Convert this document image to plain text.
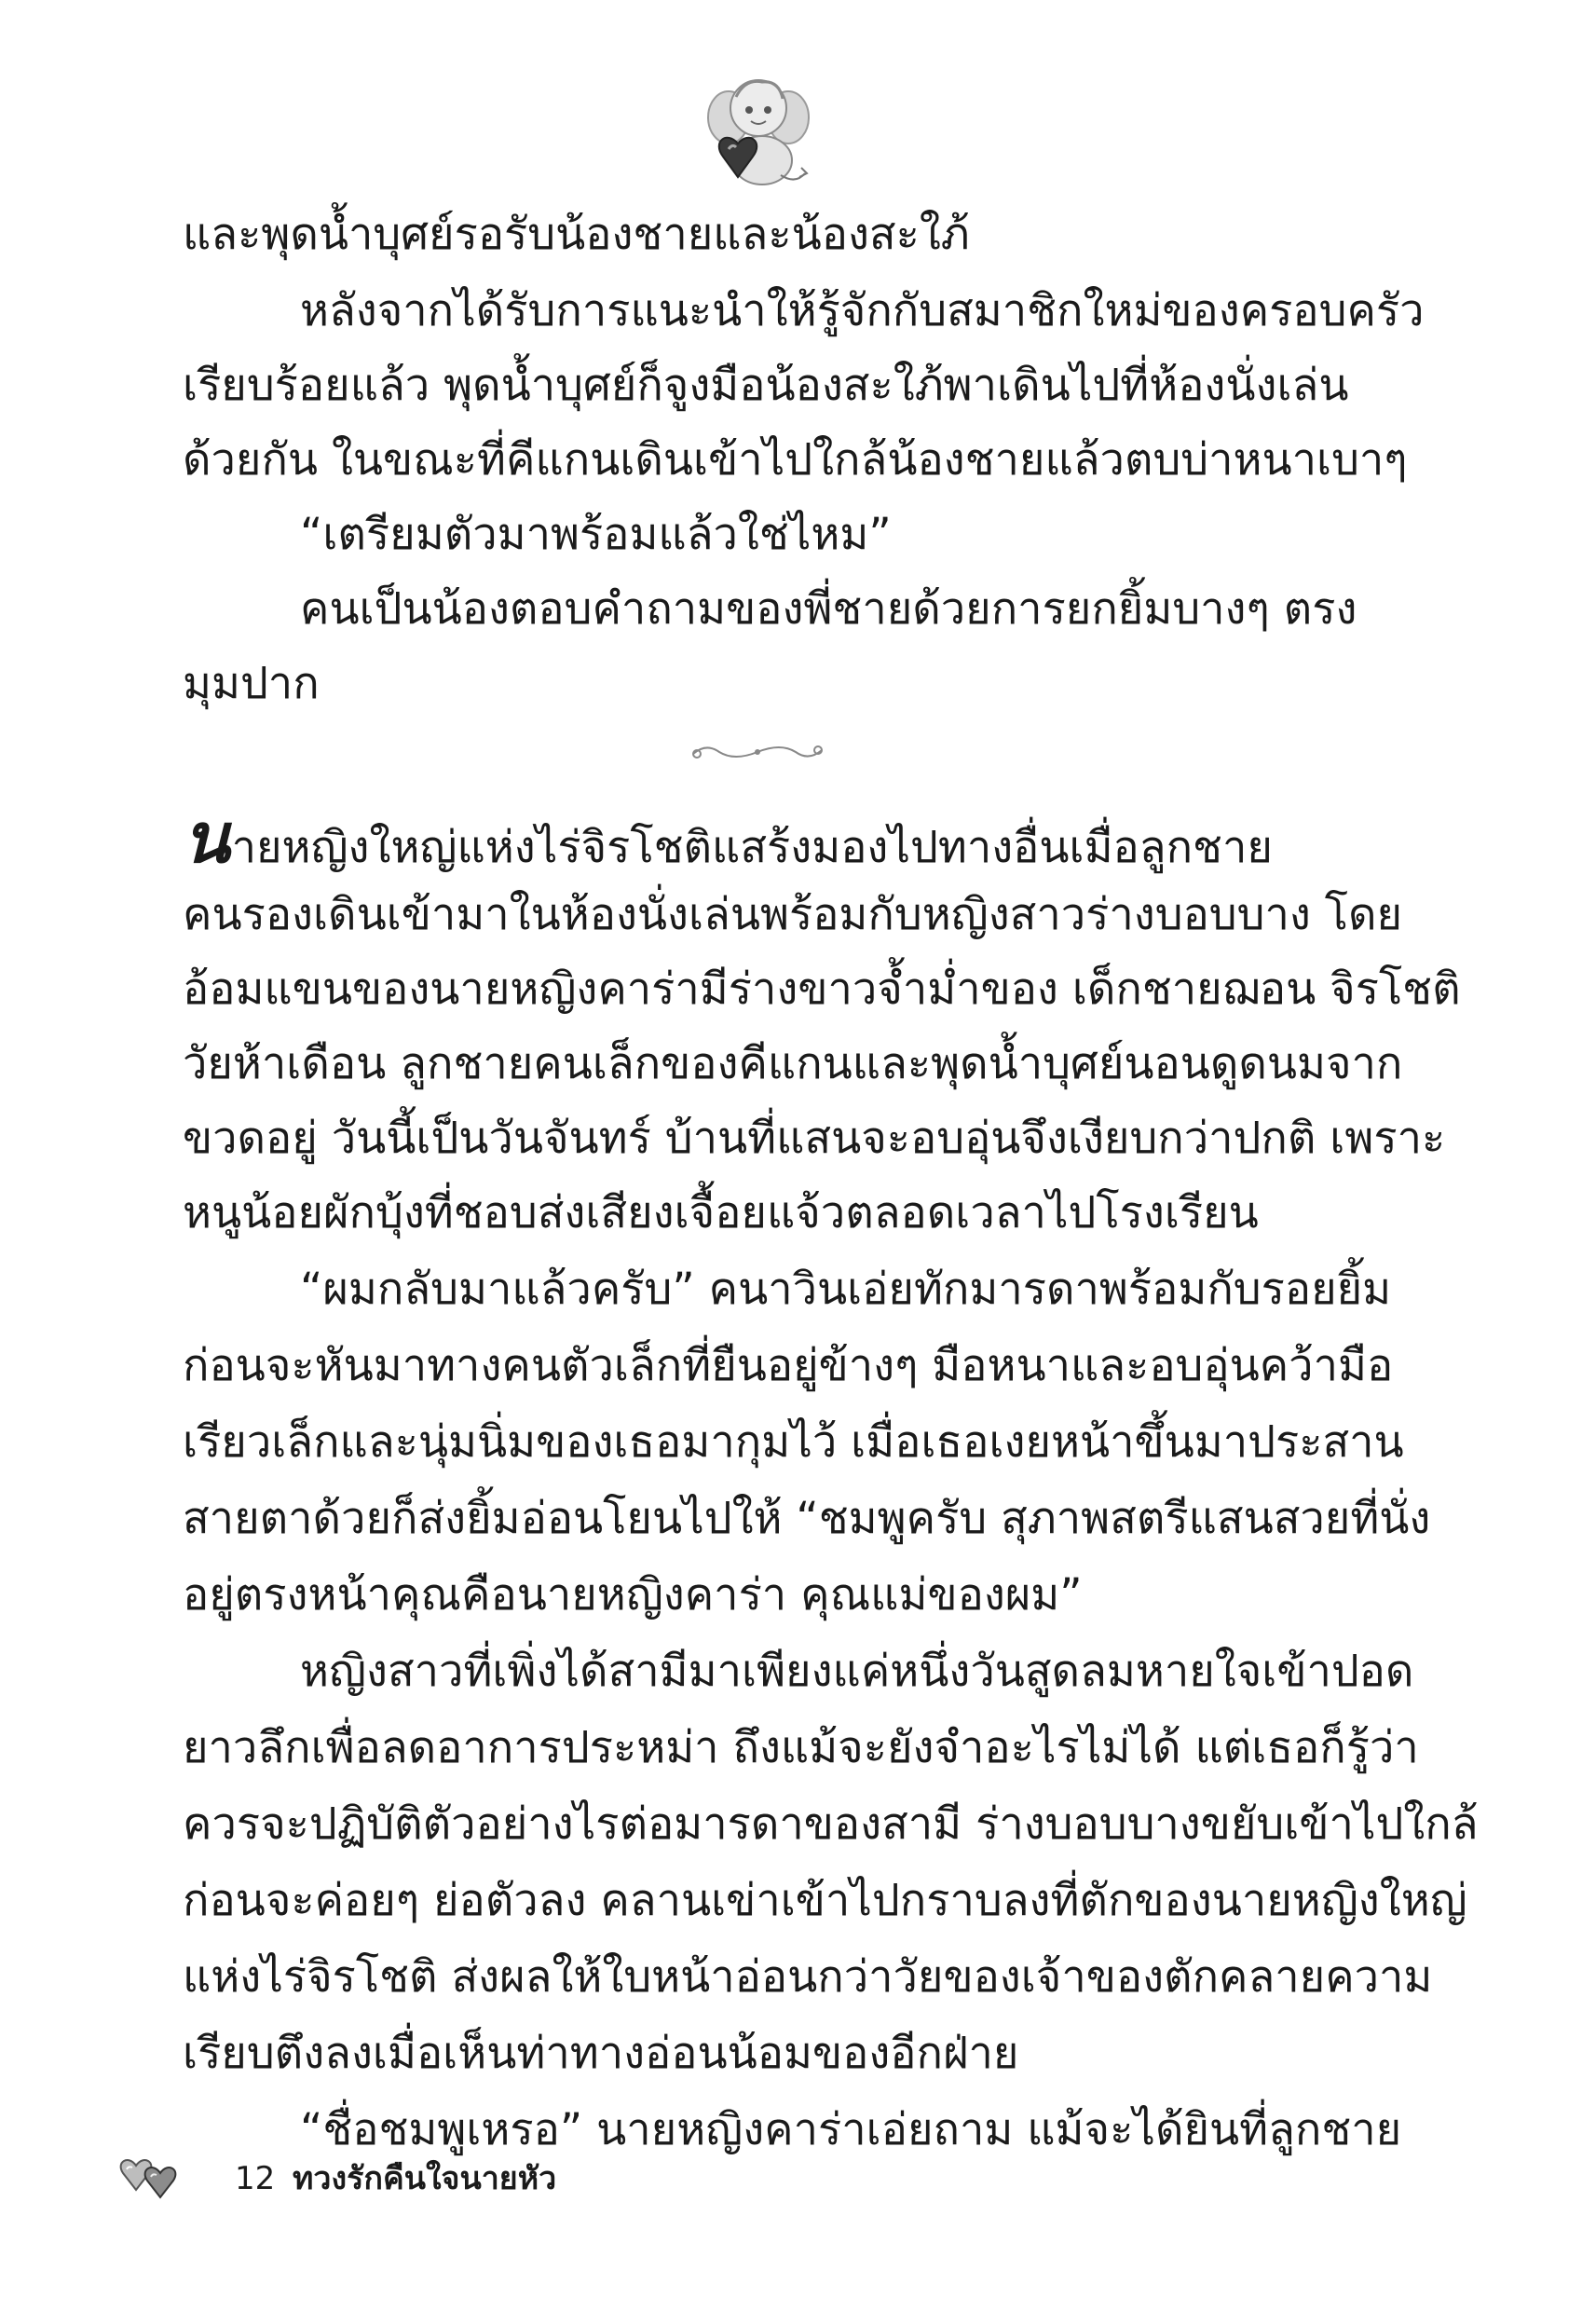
และพุดน้ำบุศย์รอรับน้องชายและน้องสะใภ้
หลังจากได้รับการแนะนำให้รู้จักกับสมาชิกใหม่ของครอบครัว
เรียบร้อยแล้ว พุดน้ำบุศย์ก็จูงมือน้องสะใภ้พาเดินไปที่ห้องนั่งเล่น
ด้วยกัน ในขณะที่คีแกนเดินเข้าไปใกล้น้องชายแล้วตบบ่าหนาเบาๆ
“เตรียมตัวมาพร้อมแล้วใช่ไหม”
คนเป็นน้องตอบคำถามของพี่ชายด้วยการยกยิ้มบางๆ ตรง
มุมปาก
นายหญิงใหญ่แห่งไร่จิรโชติแสร้งมองไปทางอื่นเมื่อลูกชาย
คนรองเดินเข้ามาในห้องนั่งเล่นพร้อมกับหญิงสาวร่างบอบบาง โดย
อ้อมแขนของนายหญิงคาร่ามีร่างขาวจ้ำม่ำของ เด็กชายฌอน จิรโชติ
วัยห้าเดือน ลูกชายคนเล็กของคีแกนและพุดน้ำบุศย์นอนดูดนมจาก
ขวดอยู่ วันนี้เป็นวันจันทร์ บ้านที่แสนจะอบอุ่นจึงเงียบกว่าปกติ เพราะ
หนูน้อยผักบุ้งที่ชอบส่งเสียงเจื้อยแจ้วตลอดเวลาไปโรงเรียน
“ผมกลับมาแล้วครับ” คนาวินเอ่ยทักมารดาพร้อมกับรอยยิ้ม
ก่อนจะหันมาทางคนตัวเล็กที่ยืนอยู่ข้างๆ มือหนาและอบอุ่นคว้ามือ
เรียวเล็กและนุ่มนิ่มของเธอมากุมไว้ เมื่อเธอเงยหน้าขึ้นมาประสาน
สายตาด้วยก็ส่งยิ้มอ่อนโยนไปให้ “ชมพูครับ สุภาพสตรีแสนสวยที่นั่ง
อยู่ตรงหน้าคุณคือนายหญิงคาร่า คุณแม่ของผม”
หญิงสาวที่เพิ่งได้สามีมาเพียงแค่หนึ่งวันสูดลมหายใจเข้าปอด
ยาวลึกเพื่อลดอาการประหม่า ถึงแม้จะยังจำอะไรไม่ได้ แต่เธอก็รู้ว่า
ควรจะปฏิบัติตัวอย่างไรต่อมารดาของสามี ร่างบอบบางขยับเข้าไปใกล้
ก่อนจะค่อยๆ ย่อตัวลง คลานเข่าเข้าไปกราบลงที่ตักของนายหญิงใหญ่
แห่งไร่จิรโชติ ส่งผลให้ใบหน้าอ่อนกว่าวัยของเจ้าของตักคลายความ
เรียบตึงลงเมื่อเห็นท่าทางอ่อนน้อมของอีกฝ่าย
“ชื่อชมพูเหรอ” นายหญิงคาร่าเอ่ยถาม แม้จะได้ยินที่ลูกชาย
12 ทวงรักคืนใจนายหัว
